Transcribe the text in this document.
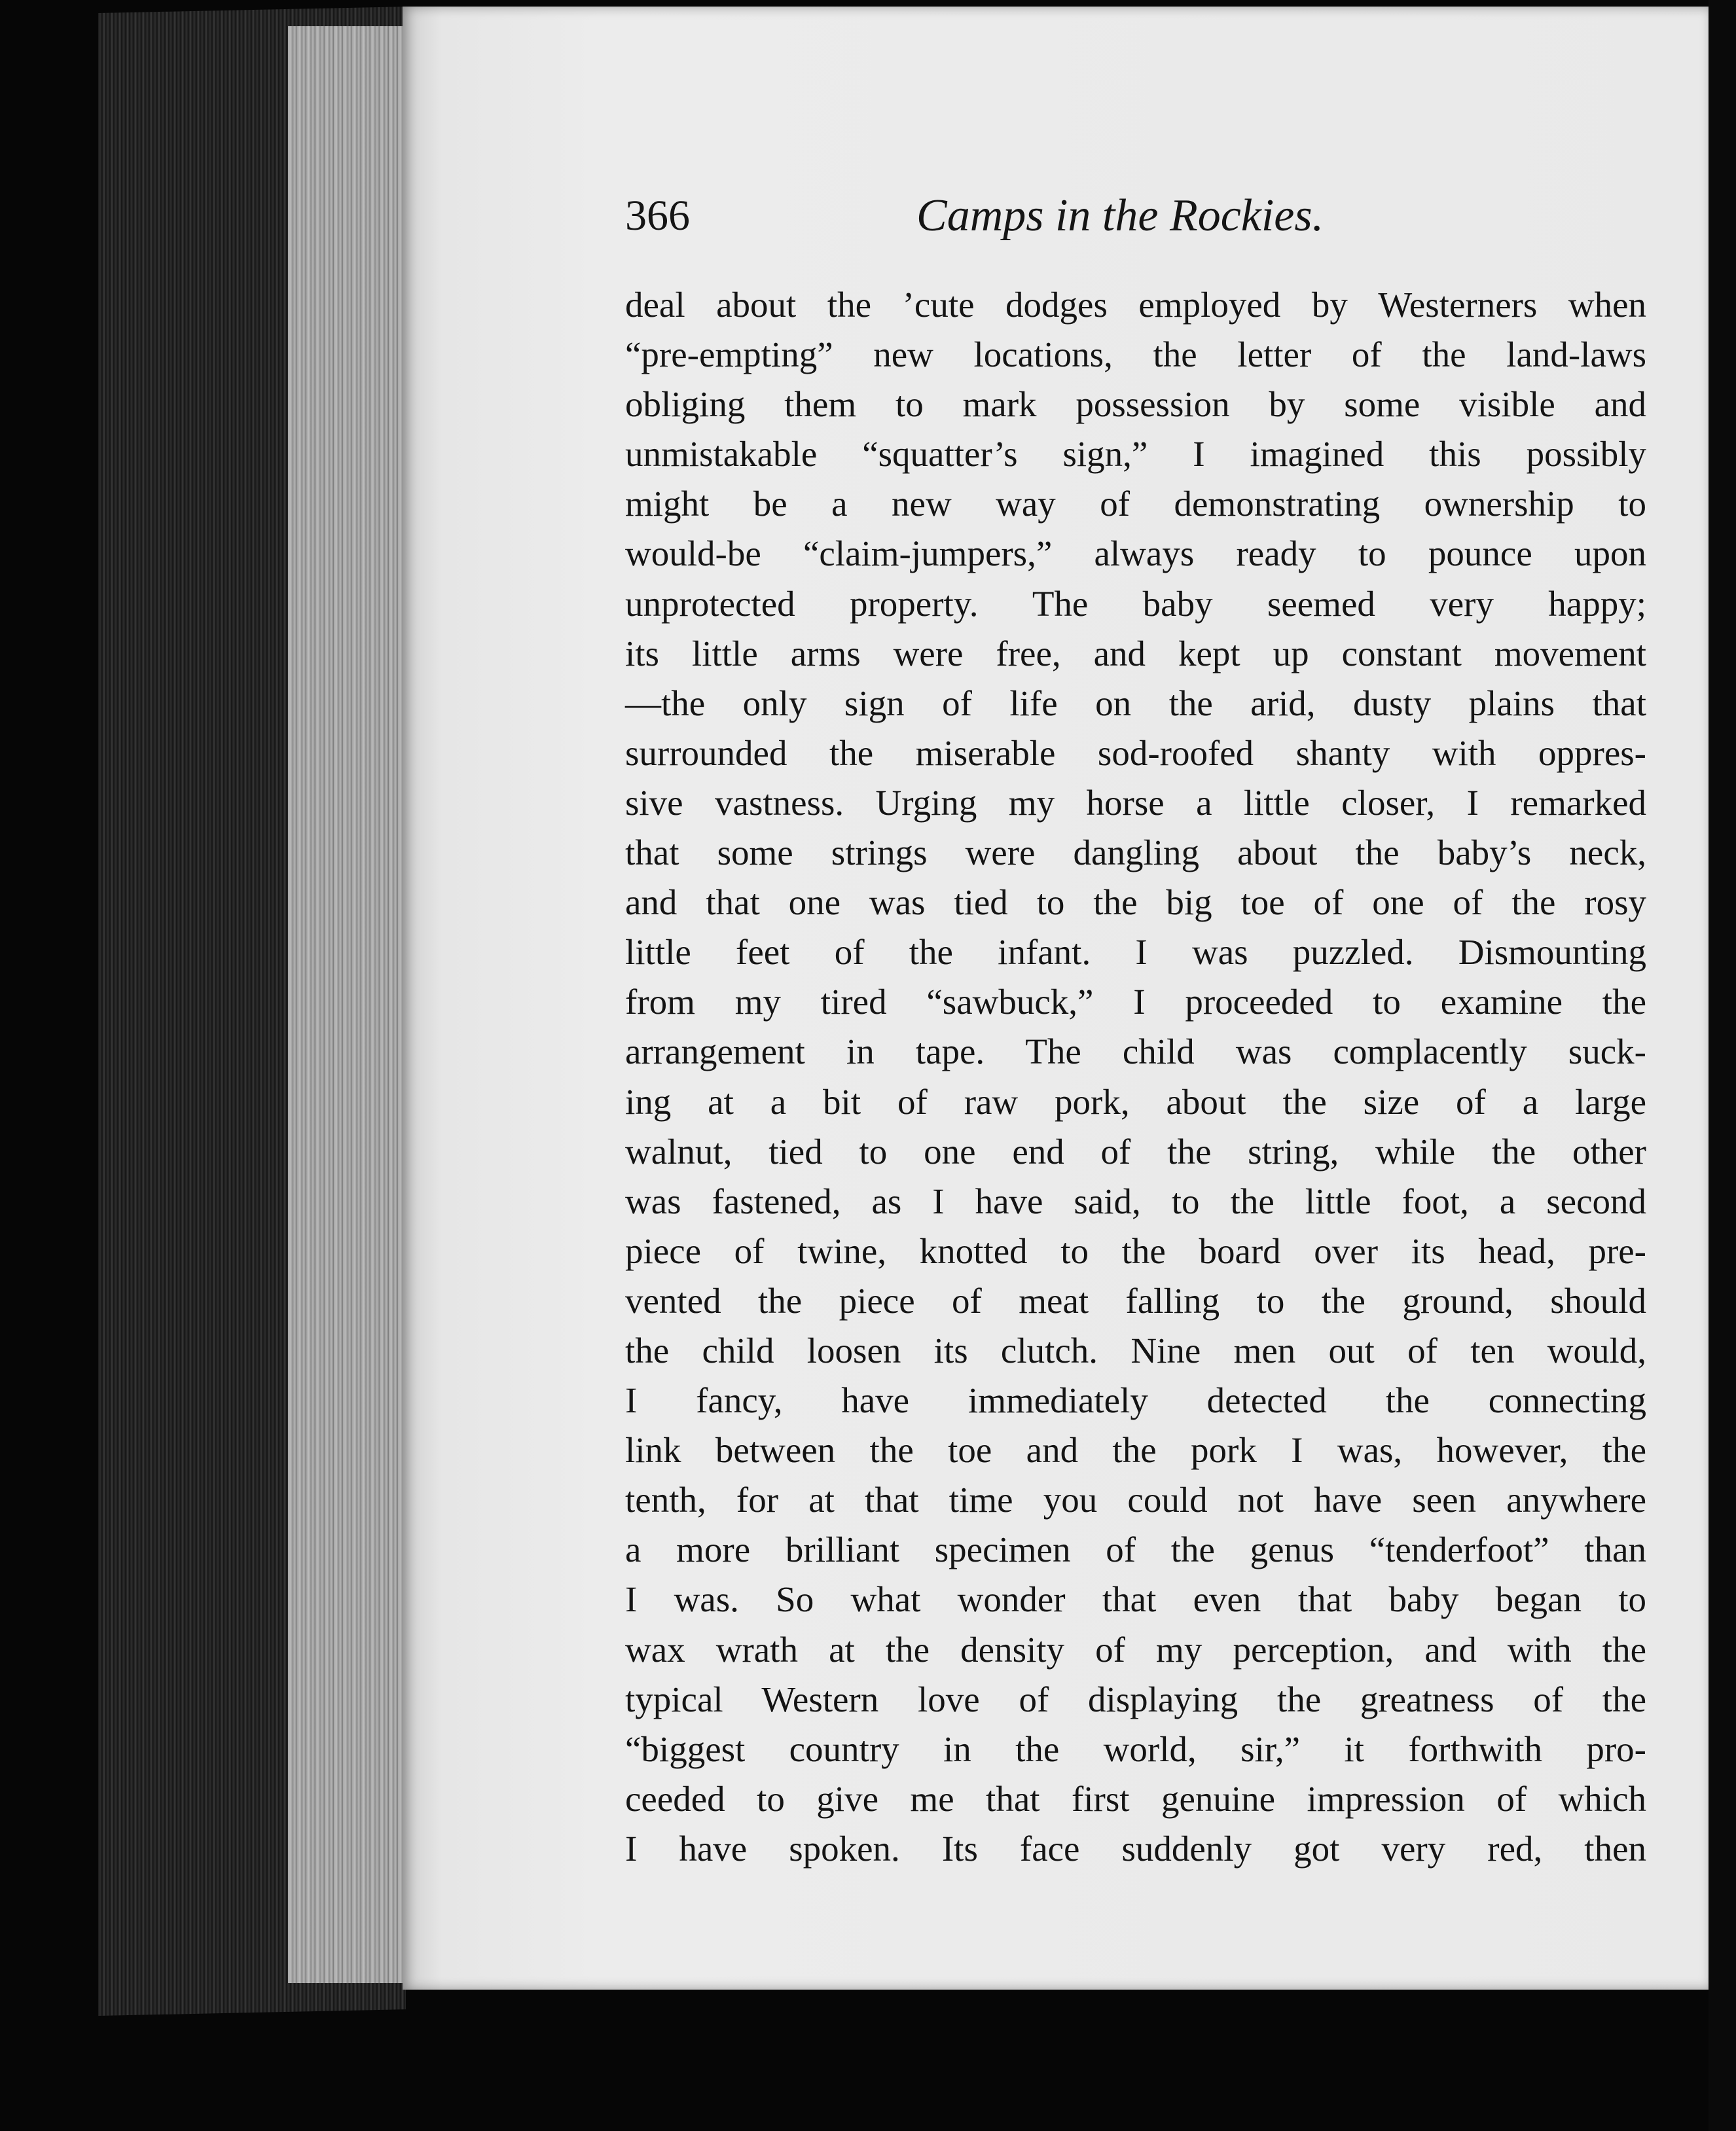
366	Camps in the Rockies.
deal about the ’cute dodges employed by Westerners when
“pre-empting” new locations, the letter of the land-laws
obliging them to mark possession by some visible and
unmistakable “squatter’s sign,” I imagined this possibly
might be a new way of demonstrating ownership to
would-be “claim-jumpers,” always ready to pounce upon
unprotected property. The baby seemed very happy;
its little arms were free, and kept up constant movement
—the only sign of life on the arid, dusty plains that
surrounded the miserable sod-roofed shanty with oppres-
sive vastness. Urging my horse a little closer, I remarked
that some strings were dangling about the baby’s neck,
and that one was tied to the big toe of one of the rosy
little feet of the infant. I was puzzled. Dismounting
from my tired “sawbuck,” I proceeded to examine the
arrangement in tape. The child was complacently suck-
ing at a bit of raw pork, about the size of a large
walnut, tied to one end of the string, while the other
was fastened, as I have said, to the little foot, a second
piece of twine, knotted to the board over its head, pre-
vented the piece of meat falling to the ground, should
the child loosen its clutch. Nine men out of ten would,
I fancy, have immediately detected the connecting
link between the toe and the pork I was, however, the
tenth, for at that time you could not have seen anywhere
a more brilliant specimen of the genus “tenderfoot” than
I was. So what wonder that even that baby began to
wax wrath at the density of my perception, and with the
typical Western love of displaying the greatness of the
“biggest country in the world, sir,” it forthwith pro-
ceeded to give me that first genuine impression of which
I have spoken. Its face suddenly got very red, then
